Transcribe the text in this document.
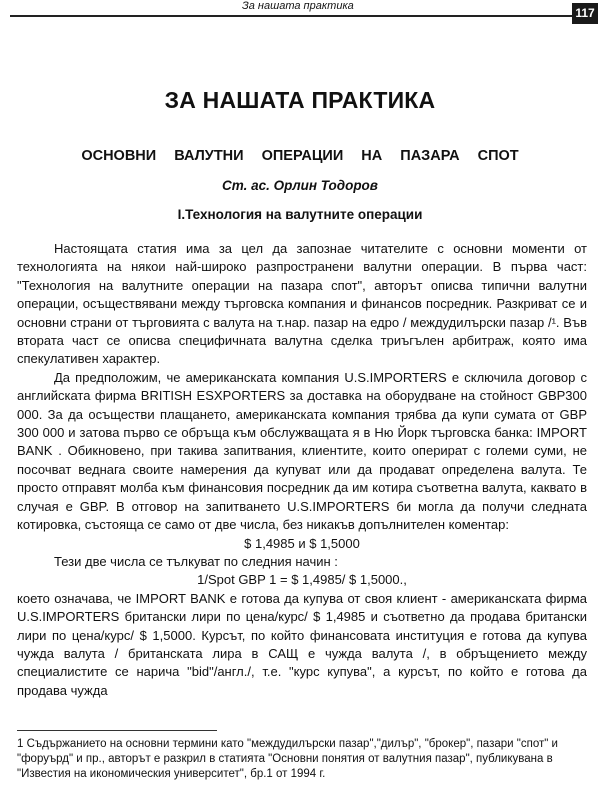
За нашата практика	117
ЗА НАШАТА ПРАКТИКА
ОСНОВНИ ВАЛУТНИ ОПЕРАЦИИ НА ПАЗАРА СПОТ
Ст. ас. Орлин Тодоров
I.Технология на валутните операции

Настоящата статия има за цел да запознае читателите с основни моменти от технологията на някои най-широко разпространени валутни операции. В първа част: "Технология на валутните операции на пазара спот", авторът описва типични валутни операции, осъществявани между търговска компания и финансов посредник. Разкриват се и основни страни от търговията с валута на т.нар. пазар на едро / междудилърски пазар /¹. Във втората част се описва специфичната валутна сделка триъгълен арбитраж, която има спекулативен характер.

Да предположим, че американската компания U.S.IMPORTERS е сключила договор с английската фирма BRITISH ESXPORTERS за доставка на оборудване на стойност GBP300 000. За да осъществи плащането, американската компания трябва да купи сумата от GBP 300 000 и затова първо се обръща към обслужващата я в Ню Йорк търговска банка: IMPORT BANK . Обикновено, при такива запитвания, клиентите, които оперират с големи суми, не посочват веднага своите намерения да купуват или да продават определена валута. Те просто отправят молба към финансовия посредник да им котира съответна валута, каквато в случая е GBP. В отговор на запитването U.S.IMPORTERS би могла да получи следната котировка, състояща се само от две числа, без никакъв допълнителен коментар:

$ 1,4985 и $ 1,5000

Тези две числа се тълкуват по следния начин :

1/Spot GBP 1 = $ 1,4985/ $ 1,5000.,

което означава, че IMPORT BANK е готова да купува от своя клиент - американската фирма U.S.IMPORTERS британски лири по цена/курс/ $ 1,4985 и съответно да продава британски лири по цена/курс/ $ 1,5000. Курсът, по който финансовата институция е готова да купува чужда валута / британската лира в САЩ е чужда валута /, в обръщението между специалистите се нарича "bid"/англ./, т.е. "курс купува", а курсът, по който е готова да продава чужда

1 Съдържанието на основни термини като "междудилърски пазар","дилър", "брокер", пазари "спот" и "форуърд" и пр., авторът е разкрил в статията "Основни понятия от валутния пазар", публикувана в "Известия на икономическия университет", бр.1 от 1994 г.
